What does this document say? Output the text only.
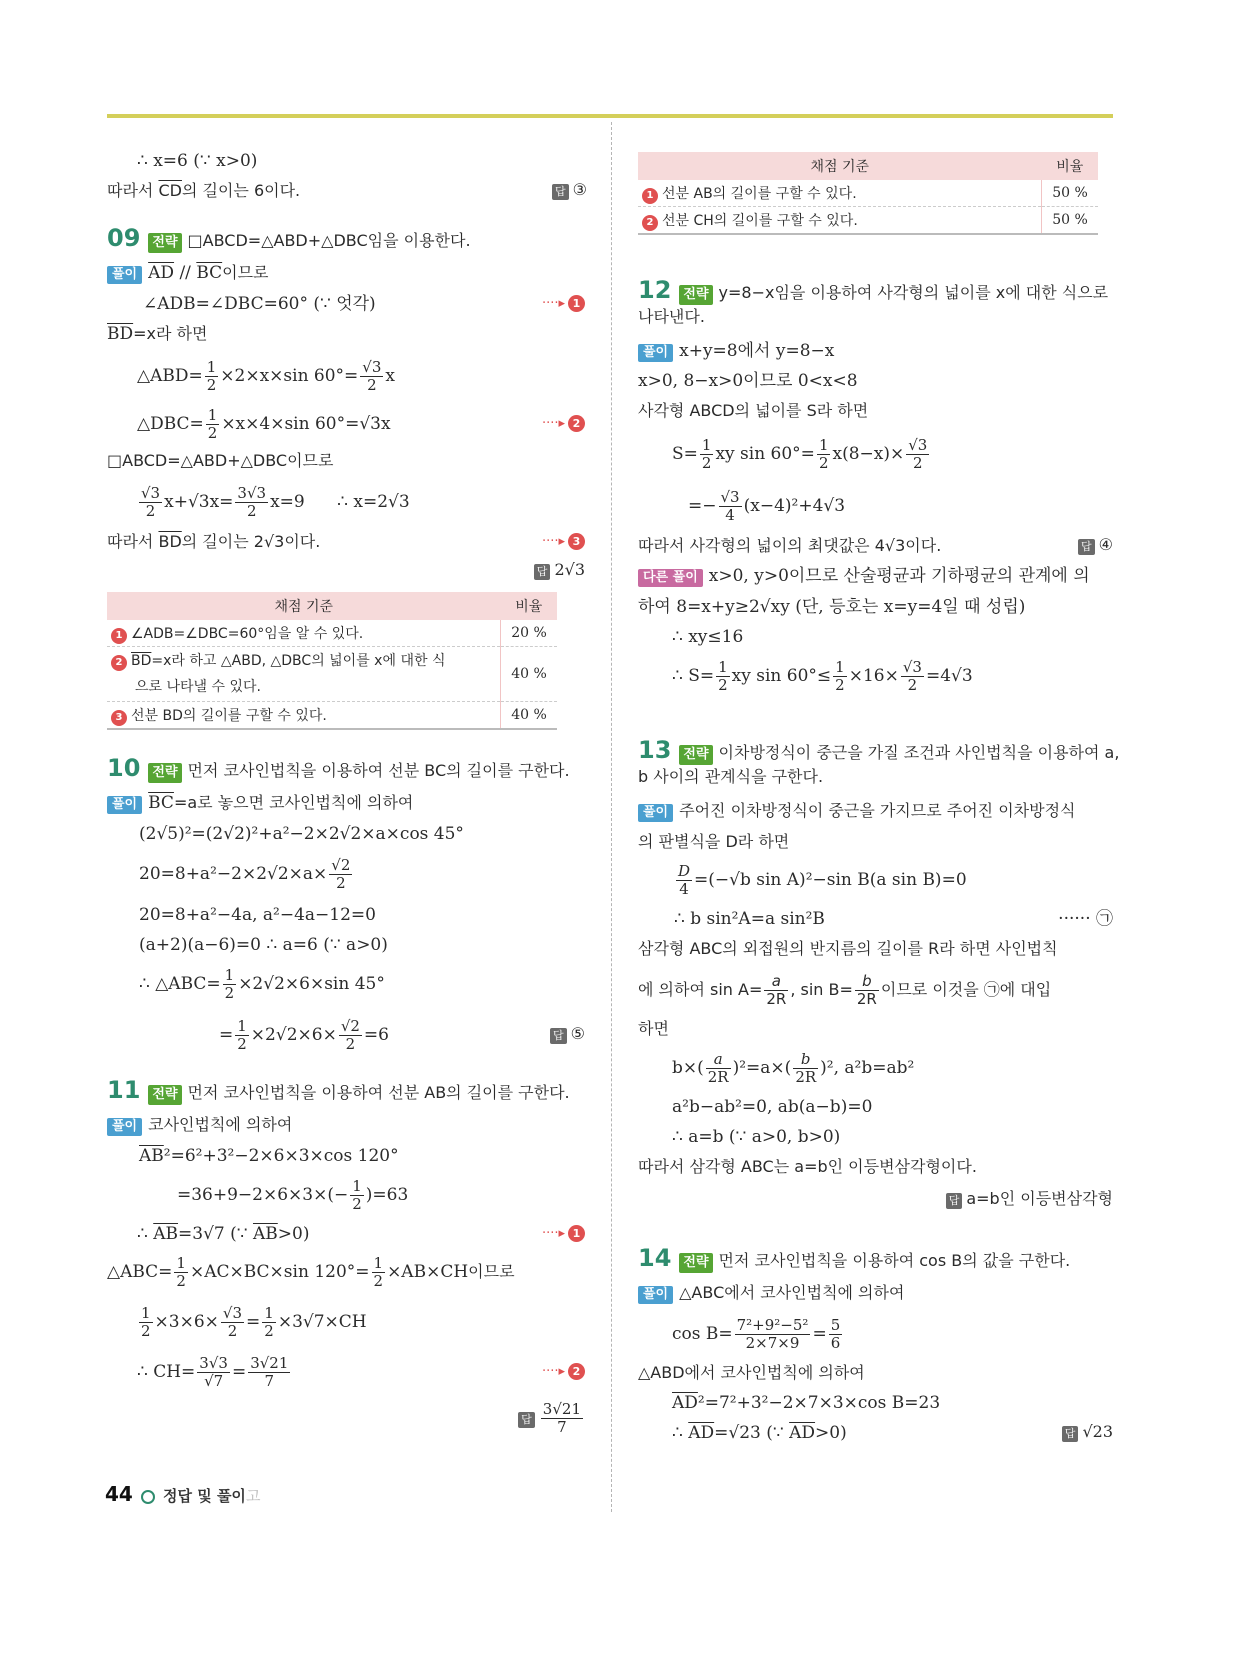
∴ x=6 (∵ x>0)
따라서 $\overline{CD}$의 길이는 6이다.	답 ③
09 전략 □ABCD=△ABD+△DBC임을 이용한다.
풀이 $\overline{AD} // \overline{BC}$이므로
∠ADB=∠DBC=60° (∵ 엇각)	····▸ 1
$\overline{BD}=x$라 하면
△ABD= $\frac{1}{2} \times 2\times x\times\sin$ $60^\circ= \frac{√3}{2}$ x
△DBC= $\frac{1}{2} \times x\times 4\times\sin$ 60°=√3x	····▸ 2
□ABCD=△ABD+△DBC이므로
$\frac{√3}{2} x+√3x= \frac{3√3}{2} x=9$ ∴ x=2√3
따라서 $\overline{BD}$의 길이는 2√3이다.	····▸ 3
답 2√3
채점 기준	비율
1 ∠ADB=∠DBC=60°임을 알 수 있다.	20 %
2 $\overline{BD}=x$라 하고 △ABD, △DBC의 넓이를 x에 대한 식
으로 나타낼 수 있다.	40 %
3 선분 BD의 길이를 구할 수 있다.	40 %
10 전략 먼저 코사인법칙을 이용하여 선분 BC의 길이를 구한다.
풀이 $\overline{BC}=a$로 놓으면 코사인법칙에 의하여
(2√5)²=(2√2)²+a²−2×2√2×a×cos 45°
$20=8+a^2-2\times 2√2\times a\times \frac{√2}{2}$
20=8+a²−4a, a²−4a−12=0
(a+2)(a−6)=0 ∴ a=6 (∵ a>0)
∴ △ABC= $\frac{1}{2} \times 2√2\times 6\times\sin$ 45°
= $\frac{1}{2} \times 2√2\times 6\times \frac{√2}{2} =6$	답 ⑤
11 전략 먼저 코사인법칙을 이용하여 선분 AB의 길이를 구한다.
풀이 코사인법칙에 의하여
$\overline{AB}^2=6^2+3^2-2\times 6\times 3\times\cos$ 120°
$=36+9-2\times 6\times 3\times(- \frac{1}{2} )=63$
∴ $\overline{AB}=3√7$ (∵ $\overline{AB}>0$)	····▸ 1
△ABC= $\frac{1}{2} \times AC\times BC\times\sin$ $120^\circ= \frac{1}{2} \times AB\times CH$이므로
$\frac{1}{2} \times 3\times 6\times \frac{√3}{2} = \frac{1}{2} \times 3√7\times CH$
∴ $CH= \frac{3√3}{√7} = \frac{3√21}{7}$	····▸ 2
답 $\frac{3√21}{7}$
채점 기준	비율
1 선분 AB의 길이를 구할 수 있다.	50 %
2 선분 CH의 길이를 구할 수 있다.	50 %
12 전략 y=8−x임을 이용하여 사각형의 넓이를 x에 대한 식으로
나타낸다.
풀이 x+y=8에서 y=8−x
x>0, 8−x>0이므로 0<x<8
사각형 ABCD의 넓이를 S라 하면
$S= \frac{1}{2}$ xy $\sin 60^\circ= \frac{1}{2} x(8-x)\times \frac{√3}{2}$
=− $\frac{√3}{4} (x-4)^2+4√3$
따라서 사각형의 넓이의 최댓값은 4√3이다.	답 ④
다른 풀이 x>0, y>0이므로 산술평균과 기하평균의 관계에 의
하여 8=x+y≥2√xy (단, 등호는 x=y=4일 때 성립)
∴ xy≤16
∴ $S= \frac{1}{2}$ xy $\sin 60^\circ\le \frac{1}{2} \times 16\times \frac{√3}{2} =4√3$
13 전략 이차방정식이 중근을 가질 조건과 사인법칙을 이용하여 a,
b 사이의 관계식을 구한다.
풀이 주어진 이차방정식이 중근을 가지므로 주어진 이차방정식
의 판별식을 D라 하면
$\frac{D}{4} =(-√b$ sin A)²−sin B(a sin B)=0
∴ b sin²A=a sin²B	······ ㉠
삼각형 ABC의 외접원의 반지름의 길이를 R라 하면 사인법칙
에 의하여 $\sin A= \frac{a}{2R}$ , $\sin B= \frac{b}{2R}$ 이므로 이것을 ㉠에 대입
하면
$b\times( \frac{a}{2R} )^2=a\times( \frac{b}{2R} )^2$, a²b=ab²
a²b−ab²=0, ab(a−b)=0
∴ a=b (∵ a>0, b>0)
따라서 삼각형 ABC는 a=b인 이등변삼각형이다.
답 a=b인 이등변삼각형
14 전략 먼저 코사인법칙을 이용하여 cos B의 값을 구한다.
풀이 △ABC에서 코사인법칙에 의하여
$\cos B= \frac{\text{7²+9²−5²}}{2\times 7\times 9} = \frac{5}{6}$
△ABD에서 코사인법칙에 의하여
$\overline{AD}^2=7^2+3^2-2\times 7\times 3\times\cos$ B=23
∴ $\overline{AD}=√23$ (∵ $\overline{AD}>0$)	답 √23
44 정답 및 풀이고
